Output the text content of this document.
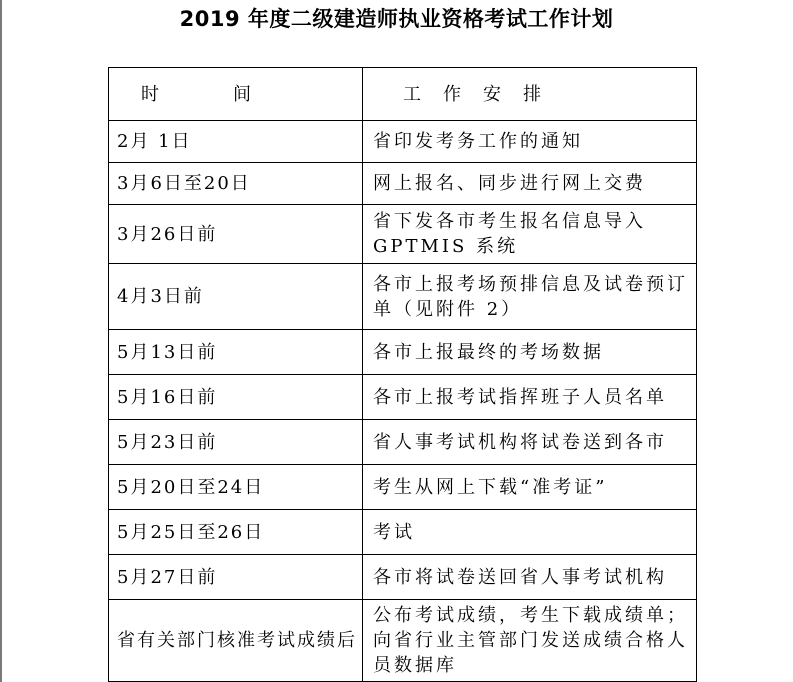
2019 年度二级建造师执业资格考试工作计划
时 间	工 作 安 排
2月 1日	省印发考务工作的通知
3月6日至20日	网上报名、同步进行网上交费
3月26日前	省下发各市考生报名信息导入 GPTMIS 系统
4月3日前	各市上报考场预排信息及试卷预订单（见附件 2）
5月13日前	各市上报最终的考场数据
5月16日前	各市上报考试指挥班子人员名单
5月23日前	省人事考试机构将试卷送到各市
5月20日至24日	考生从网上下载“准考证”
5月25日至26日	考试
5月27日前	各市将试卷送回省人事考试机构
省有关部门核准考试成绩后	公布考试成绩，考生下载成绩单；向省行业主管部门发送成绩合格人员数据库
